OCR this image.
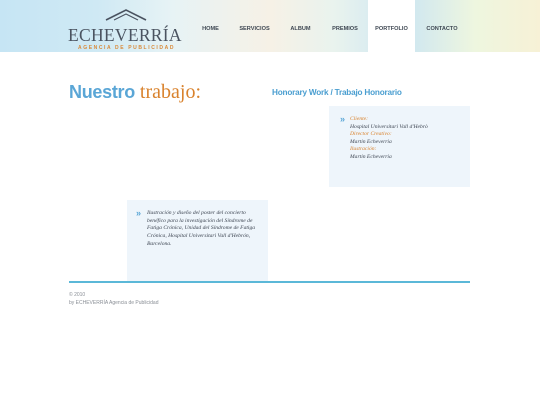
ECHEVERRÍA
AGENCIA DE PUBLICIDAD
HOME	SERVICIOS	ALBUM	PREMIOS	PORTFOLIO	CONTACTO
Nuestro trabajo:	Honorary Work / Trabajo Honorario
» Cliente:
Hospital Universitari Vall d'Hebrò
Director Creativo:
Martin Echeverria
Ilustración:
Martin Echeverria
» Ilustración y diseño del poster del concierto benéfico para la investigación del Síndrome de Fatiga Crónica, Unidad del Síndrome de Fatiga Crónica, Hospital Universitari Vall d'Hebrón, Barcelona.
© 2010
by ECHEVERRÍA Agencia de Publicidad
